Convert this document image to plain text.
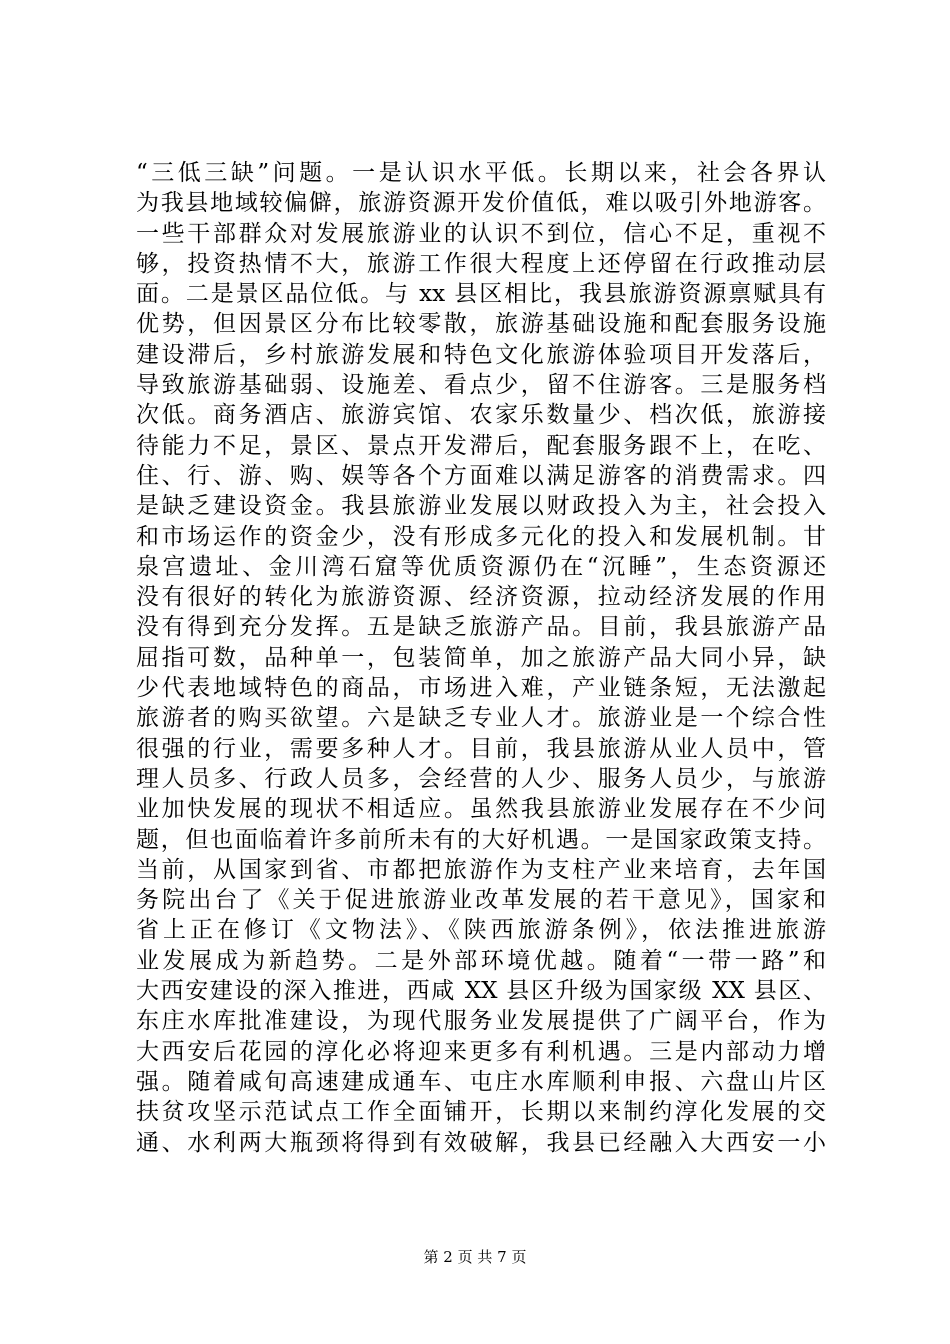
“三低三缺”问题。一是认识水平低。长期以来，社会各界认
为我县地域较偏僻，旅游资源开发价值低，难以吸引外地游客。
一些干部群众对发展旅游业的认识不到位，信心不足，重视不
够，投资热情不大，旅游工作很大程度上还停留在行政推动层
面。二是景区品位低。与 xx 县区相比，我县旅游资源禀赋具有
优势，但因景区分布比较零散，旅游基础设施和配套服务设施
建设滞后，乡村旅游发展和特色文化旅游体验项目开发落后，
导致旅游基础弱、设施差、看点少，留不住游客。三是服务档
次低。商务酒店、旅游宾馆、农家乐数量少、档次低，旅游接
待能力不足，景区、景点开发滞后，配套服务跟不上，在吃、
住、行、游、购、娱等各个方面难以满足游客的消费需求。四
是缺乏建设资金。我县旅游业发展以财政投入为主，社会投入
和市场运作的资金少，没有形成多元化的投入和发展机制。甘
泉宫遗址、金川湾石窟等优质资源仍在“沉睡”，生态资源还
没有很好的转化为旅游资源、经济资源，拉动经济发展的作用
没有得到充分发挥。五是缺乏旅游产品。目前，我县旅游产品
屈指可数，品种单一，包装简单，加之旅游产品大同小异，缺
少代表地域特色的商品，市场进入难，产业链条短，无法激起
旅游者的购买欲望。六是缺乏专业人才。旅游业是一个综合性
很强的行业，需要多种人才。目前，我县旅游从业人员中，管
理人员多、行政人员多，会经营的人少、服务人员少，与旅游
业加快发展的现状不相适应。虽然我县旅游业发展存在不少问
题，但也面临着许多前所未有的大好机遇。一是国家政策支持。
当前，从国家到省、市都把旅游作为支柱产业来培育，去年国
务院出台了《关于促进旅游业改革发展的若干意见》，国家和
省上正在修订《文物法》、《陕西旅游条例》，依法推进旅游
业发展成为新趋势。二是外部环境优越。随着“一带一路”和
大西安建设的深入推进，西咸 XX 县区升级为国家级 XX 县区、
东庄水库批准建设，为现代服务业发展提供了广阔平台，作为
大西安后花园的淳化必将迎来更多有利机遇。三是内部动力增
强。随着咸旬高速建成通车、屯庄水库顺利申报、六盘山片区
扶贫攻坚示范试点工作全面铺开，长期以来制约淳化发展的交
通、水利两大瓶颈将得到有效破解，我县已经融入大西安一小
第 2 页 共 7 页
